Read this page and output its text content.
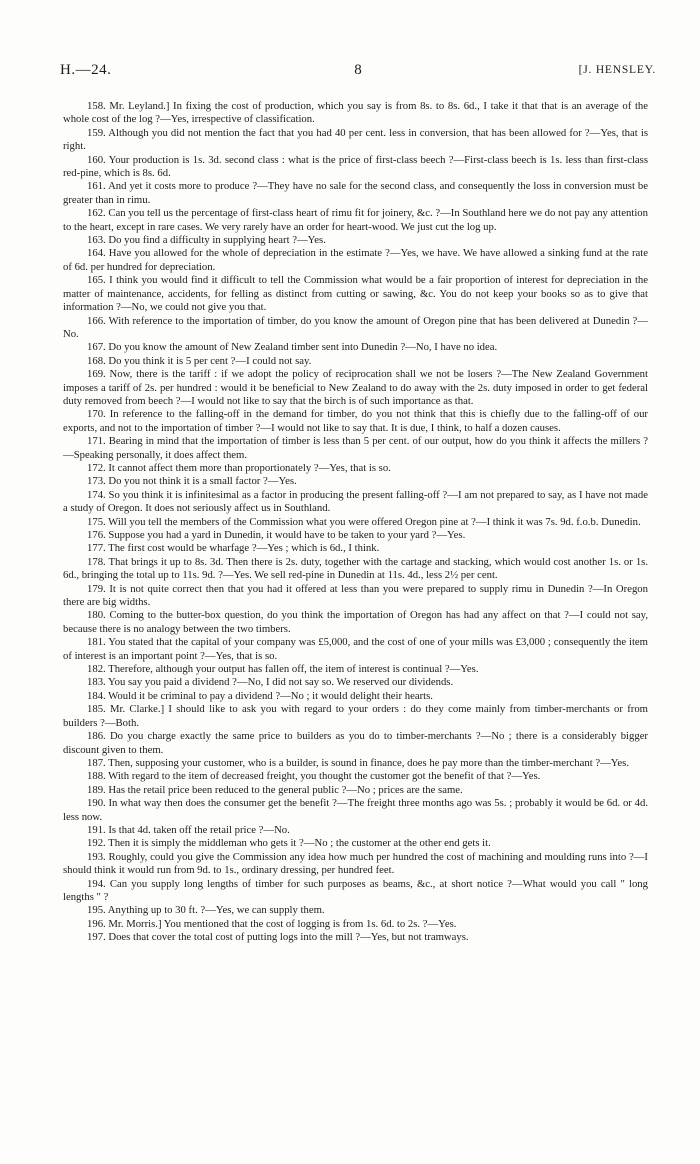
H.—24.	8	[J. HENSLEY.

158. Mr. Leyland.] In fixing the cost of production, which you say is from 8s. to 8s. 6d., I take it that that is an average of the whole cost of the log ?—Yes, irrespective of classification.

159. Although you did not mention the fact that you had 40 per cent. less in conversion, that has been allowed for ?—Yes, that is right.

160. Your production is 1s. 3d. second class : what is the price of first-class beech ?—First-class beech is 1s. less than first-class red-pine, which is 8s. 6d.

161. And yet it costs more to produce ?—They have no sale for the second class, and consequently the loss in conversion must be greater than in rimu.

162. Can you tell us the percentage of first-class heart of rimu fit for joinery, &c. ?—In Southland here we do not pay any attention to the heart, except in rare cases. We very rarely have an order for heart-wood. We just cut the log up.

163. Do you find a difficulty in supplying heart ?—Yes.

164. Have you allowed for the whole of depreciation in the estimate ?—Yes, we have. We have allowed a sinking fund at the rate of 6d. per hundred for depreciation.

165. I think you would find it difficult to tell the Commission what would be a fair proportion of interest for depreciation in the matter of maintenance, accidents, for felling as distinct from cutting or sawing, &c. You do not keep your books so as to give that information ?—No, we could not give you that.

166. With reference to the importation of timber, do you know the amount of Oregon pine that has been delivered at Dunedin ?—No.

167. Do you know the amount of New Zealand timber sent into Dunedin ?—No, I have no idea.

168. Do you think it is 5 per cent ?—I could not say.

169. Now, there is the tariff : if we adopt the policy of reciprocation shall we not be losers ?—The New Zealand Government imposes a tariff of 2s. per hundred : would it be beneficial to New Zealand to do away with the 2s. duty imposed in order to get federal duty removed from beech ?—I would not like to say that the birch is of such importance as that.

170. In reference to the falling-off in the demand for timber, do you not think that this is chiefly due to the falling-off of our exports, and not to the importation of timber ?—I would not like to say that. It is due, I think, to half a dozen causes.

171. Bearing in mind that the importation of timber is less than 5 per cent. of our output, how do you think it affects the millers ?—Speaking personally, it does affect them.

172. It cannot affect them more than proportionately ?—Yes, that is so.

173. Do you not think it is a small factor ?—Yes.

174. So you think it is infinitesimal as a factor in producing the present falling-off ?—I am not prepared to say, as I have not made a study of Oregon. It does not seriously affect us in Southland.

175. Will you tell the members of the Commission what you were offered Oregon pine at ?—I think it was 7s. 9d. f.o.b. Dunedin.

176. Suppose you had a yard in Dunedin, it would have to be taken to your yard ?—Yes.

177. The first cost would be wharfage ?—Yes ; which is 6d., I think.

178. That brings it up to 8s. 3d. Then there is 2s. duty, together with the cartage and stacking, which would cost another 1s. or 1s. 6d., bringing the total up to 11s. 9d. ?—Yes. We sell red-pine in Dunedin at 11s. 4d., less 2½ per cent.

179. It is not quite correct then that you had it offered at less than you were prepared to supply rimu in Dunedin ?—In Oregon there are big widths.

180. Coming to the butter-box question, do you think the importation of Oregon has had any affect on that ?—I could not say, because there is no analogy between the two timbers.

181. You stated that the capital of your company was £5,000, and the cost of one of your mills was £3,000 ; consequently the item of interest is an important point ?—Yes, that is so.

182. Therefore, although your output has fallen off, the item of interest is continual ?—Yes.

183. You say you paid a dividend ?—No, I did not say so. We reserved our dividends.

184. Would it be criminal to pay a dividend ?—No ; it would delight their hearts.

185. Mr. Clarke.] I should like to ask you with regard to your orders : do they come mainly from timber-merchants or from builders ?—Both.

186. Do you charge exactly the same price to builders as you do to timber-merchants ?—No ; there is a considerably bigger discount given to them.

187. Then, supposing your customer, who is a builder, is sound in finance, does he pay more than the timber-merchant ?—Yes.

188. With regard to the item of decreased freight, you thought the customer got the benefit of that ?—Yes.

189. Has the retail price been reduced to the general public ?—No ; prices are the same.

190. In what way then does the consumer get the benefit ?—The freight three months ago was 5s. ; probably it would be 6d. or 4d. less now.

191. Is that 4d. taken off the retail price ?—No.

192. Then it is simply the middleman who gets it ?—No ; the customer at the other end gets it.

193. Roughly, could you give the Commission any idea how much per hundred the cost of machining and moulding runs into ?—I should think it would run from 9d. to 1s., ordinary dressing, per hundred feet.

194. Can you supply long lengths of timber for such purposes as beams, &c., at short notice ?—What would you call " long lengths " ?

195. Anything up to 30 ft. ?—Yes, we can supply them.

196. Mr. Morris.] You mentioned that the cost of logging is from 1s. 6d. to 2s. ?—Yes.

197. Does that cover the total cost of putting logs into the mill ?—Yes, but not tramways.
